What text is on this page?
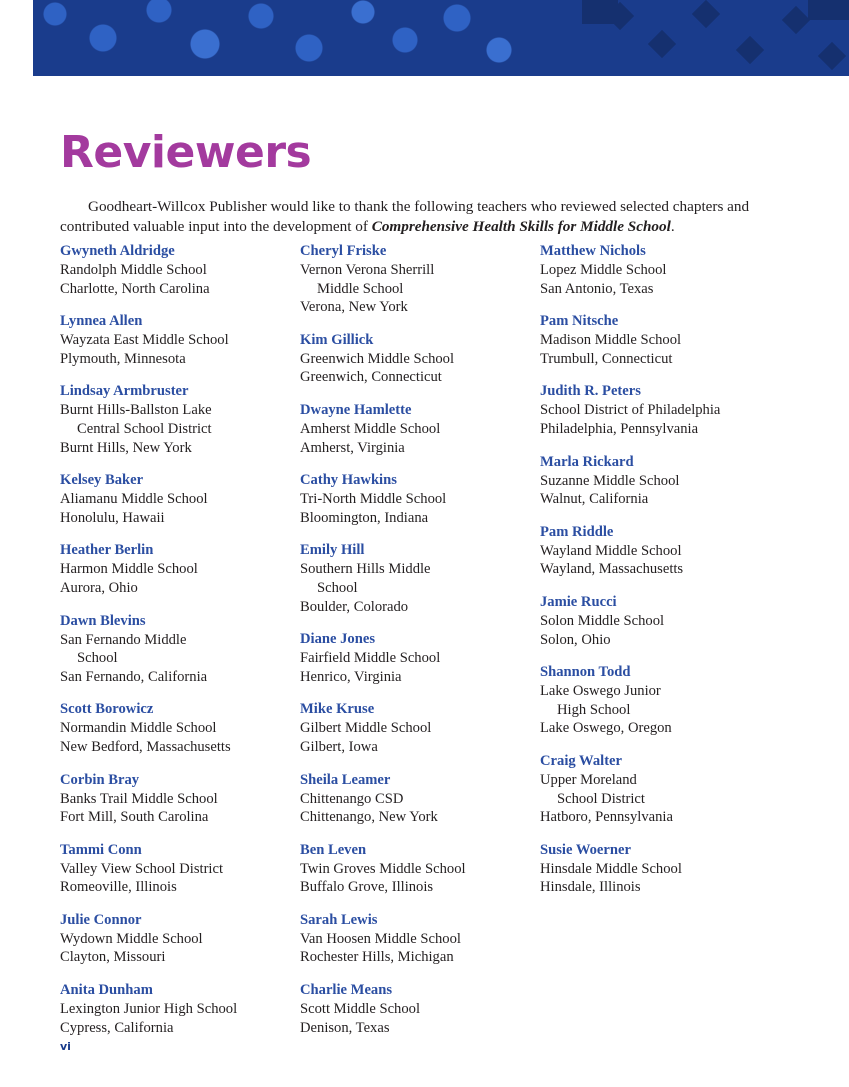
Reviewers

Goodheart-Willcox Publisher would like to thank the following teachers who reviewed selected chapters and contributed valuable input into the development of Comprehensive Health Skills for Middle School.

Gwyneth Aldridge
Randolph Middle School
Charlotte, North Carolina
Lynnea Allen
Wayzata East Middle School
Plymouth, Minnesota
Lindsay Armbruster
Burnt Hills-Ballston Lake
Central School District
Burnt Hills, New York
Kelsey Baker
Aliamanu Middle School
Honolulu, Hawaii
Heather Berlin
Harmon Middle School
Aurora, Ohio
Dawn Blevins
San Fernando Middle
School
San Fernando, California
Scott Borowicz
Normandin Middle School
New Bedford, Massachusetts
Corbin Bray
Banks Trail Middle School
Fort Mill, South Carolina
Tammi Conn
Valley View School District
Romeoville, Illinois
Julie Connor
Wydown Middle School
Clayton, Missouri
Anita Dunham
Lexington Junior High School
Cypress, California
Cheryl Friske
Vernon Verona Sherrill
Middle School
Verona, New York
Kim Gillick
Greenwich Middle School
Greenwich, Connecticut
Dwayne Hamlette
Amherst Middle School
Amherst, Virginia
Cathy Hawkins
Tri-North Middle School
Bloomington, Indiana
Emily Hill
Southern Hills Middle
School
Boulder, Colorado
Diane Jones
Fairfield Middle School
Henrico, Virginia
Mike Kruse
Gilbert Middle School
Gilbert, Iowa
Sheila Leamer
Chittenango CSD
Chittenango, New York
Ben Leven
Twin Groves Middle School
Buffalo Grove, Illinois
Sarah Lewis
Van Hoosen Middle School
Rochester Hills, Michigan
Charlie Means
Scott Middle School
Denison, Texas
Matthew Nichols
Lopez Middle School
San Antonio, Texas
Pam Nitsche
Madison Middle School
Trumbull, Connecticut
Judith R. Peters
School District of Philadelphia
Philadelphia, Pennsylvania
Marla Rickard
Suzanne Middle School
Walnut, California
Pam Riddle
Wayland Middle School
Wayland, Massachusetts
Jamie Rucci
Solon Middle School
Solon, Ohio
Shannon Todd
Lake Oswego Junior
High School
Lake Oswego, Oregon
Craig Walter
Upper Moreland
School District
Hatboro, Pennsylvania
Susie Woerner
Hinsdale Middle School
Hinsdale, Illinois
vi
